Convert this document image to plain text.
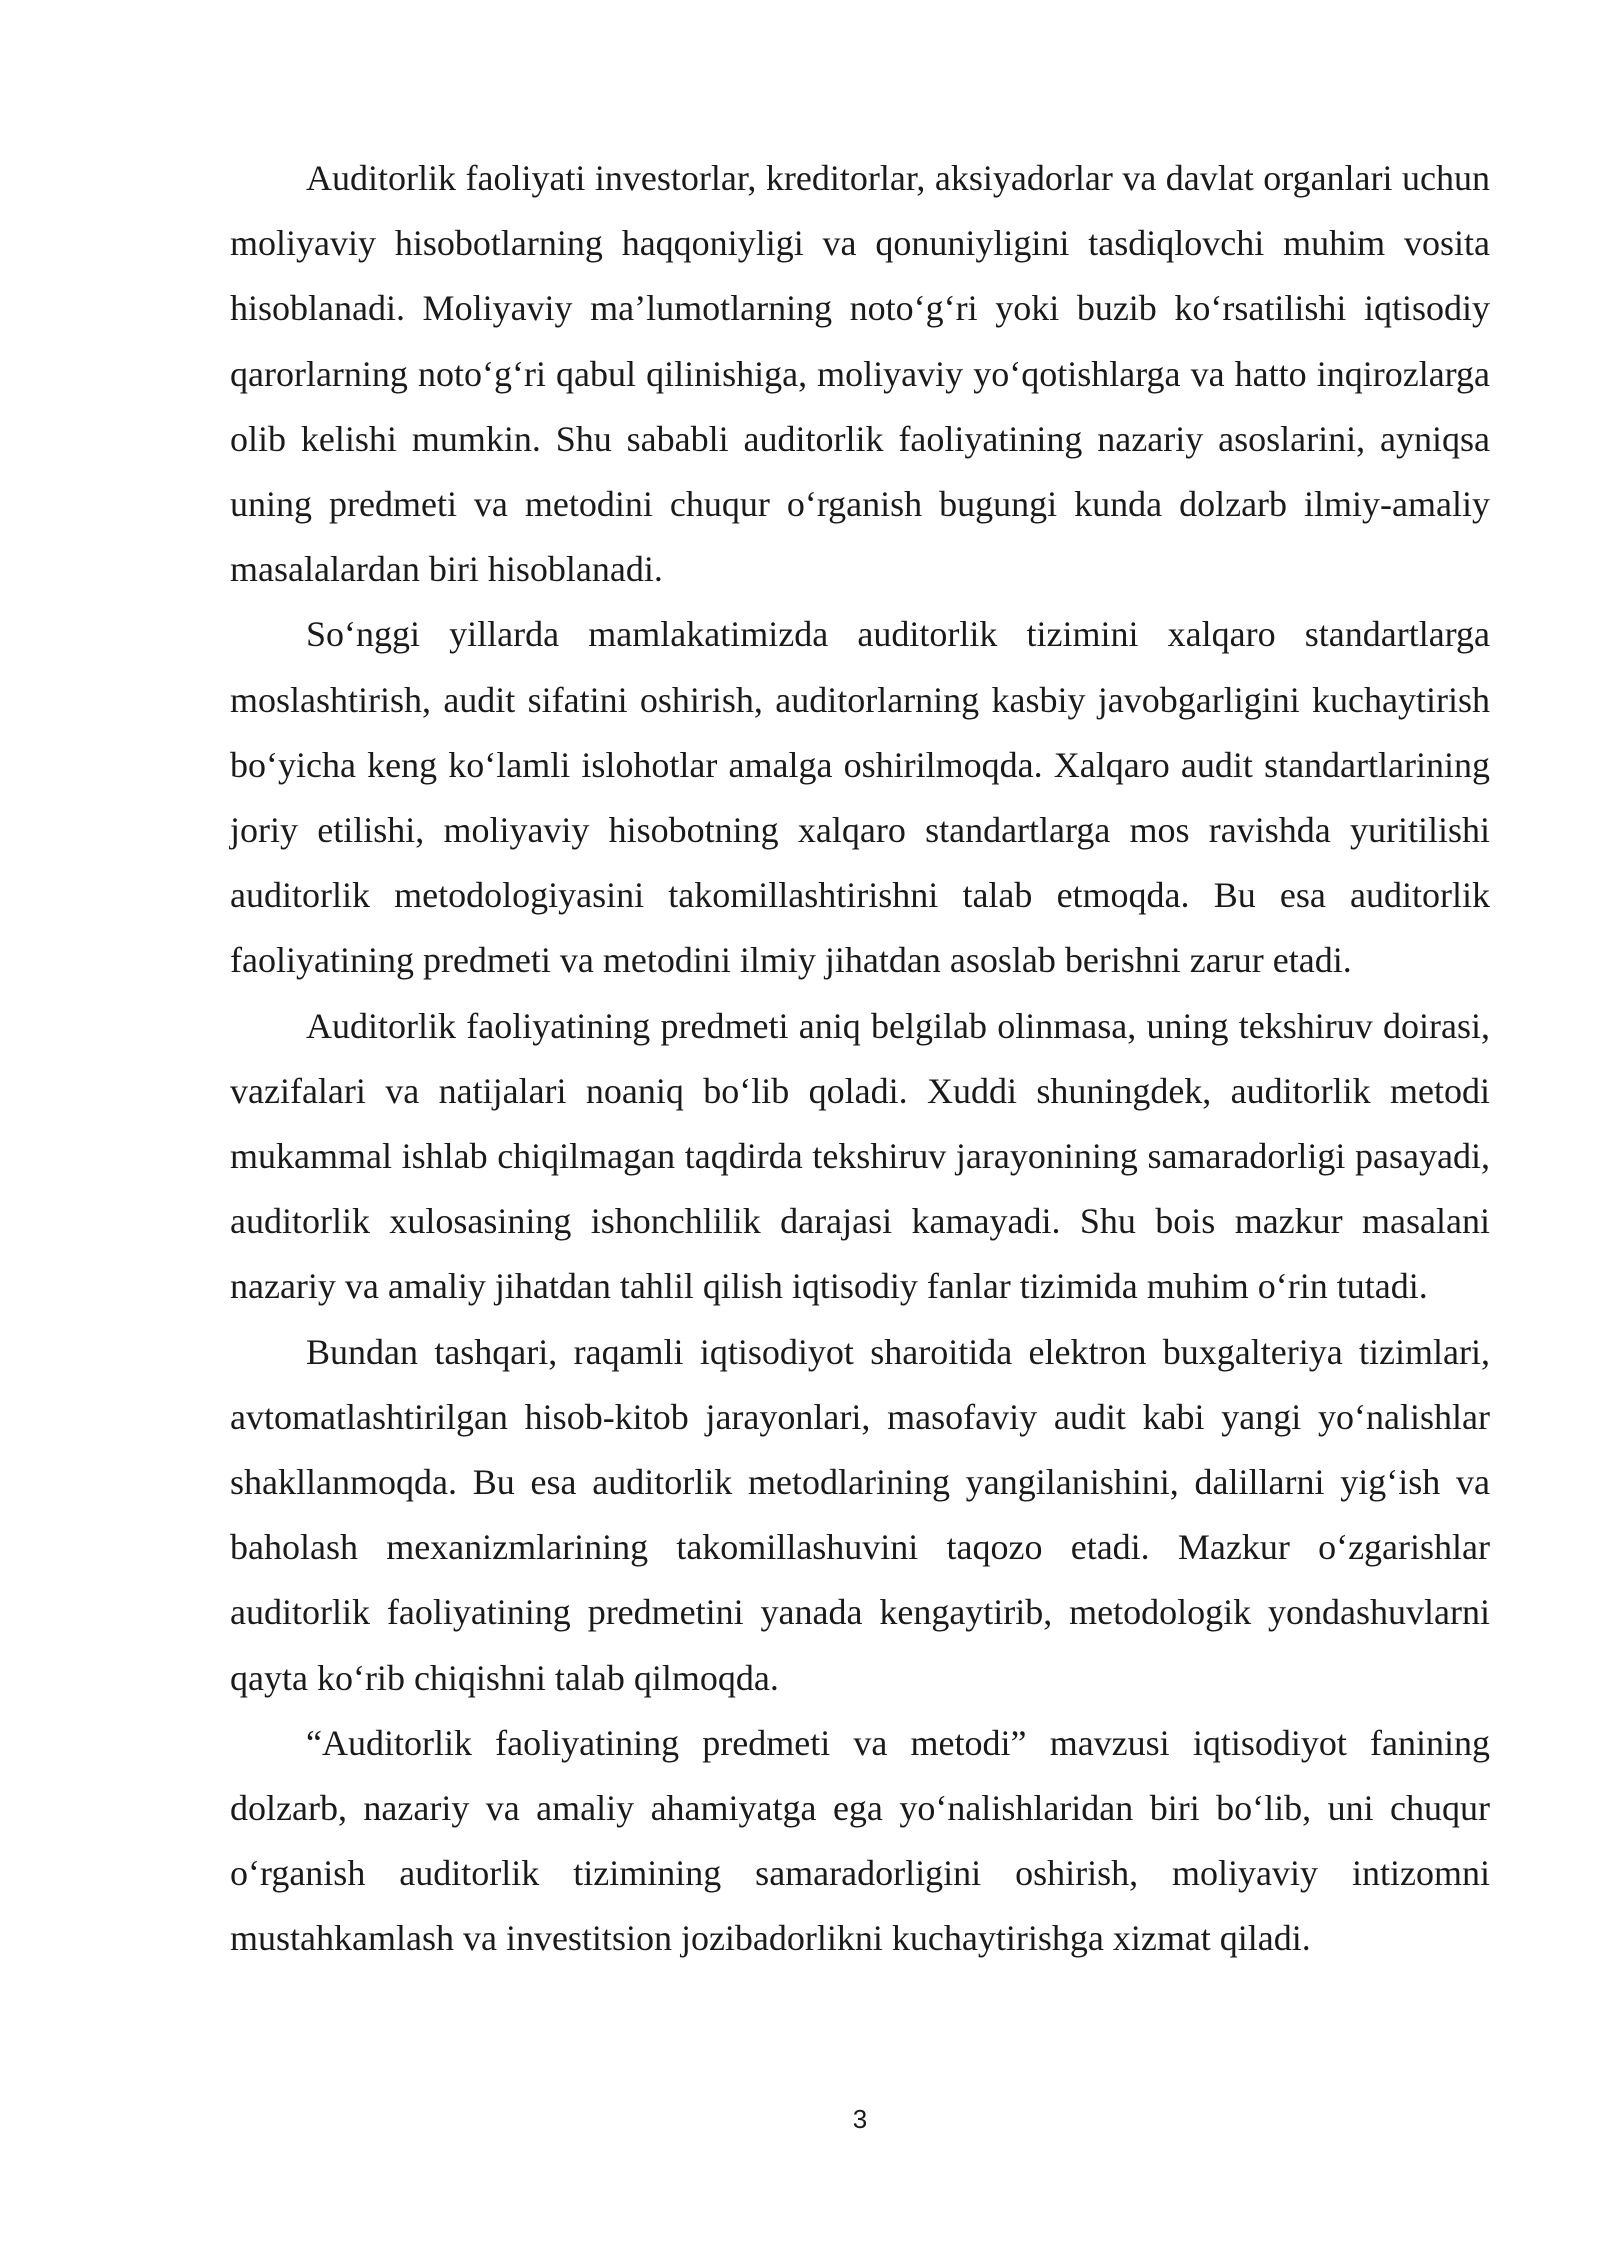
Auditorlik faoliyati investorlar, kreditorlar, aksiyadorlar va davlat organlari uchun moliyaviy hisobotlarning haqqoniyligi va qonuniyligini tasdiqlovchi muhim vosita hisoblanadi. Moliyaviy ma’lumotlarning noto‘g‘ri yoki buzib ko‘rsatilishi iqtisodiy qarorlarning noto‘g‘ri qabul qilinishiga, moliyaviy yo‘qotishlarga va hatto inqirozlarga olib kelishi mumkin. Shu sababli auditorlik faoliyatining nazariy asoslarini, ayniqsa uning predmeti va metodini chuqur o‘rganish bugungi kunda dolzarb ilmiy-amaliy masalalardan biri hisoblanadi.

So‘nggi yillarda mamlakatimizda auditorlik tizimini xalqaro standartlarga moslashtirish, audit sifatini oshirish, auditorlarning kasbiy javobgarligini kuchaytirish bo‘yicha keng ko‘lamli islohotlar amalga oshirilmoqda. Xalqaro audit standartlarining joriy etilishi, moliyaviy hisobotning xalqaro standartlarga mos ravishda yuritilishi auditorlik metodologiyasini takomillashtirishni talab etmoqda. Bu esa auditorlik faoliyatining predmeti va metodini ilmiy jihatdan asoslab berishni zarur etadi.

Auditorlik faoliyatining predmeti aniq belgilab olinmasa, uning tekshiruv doirasi, vazifalari va natijalari noaniq bo‘lib qoladi. Xuddi shuningdek, auditorlik metodi mukammal ishlab chiqilmagan taqdirda tekshiruv jarayonining samaradorligi pasayadi, auditorlik xulosasining ishonchlilik darajasi kamayadi. Shu bois mazkur masalani nazariy va amaliy jihatdan tahlil qilish iqtisodiy fanlar tizimida muhim o‘rin tutadi.

Bundan tashqari, raqamli iqtisodiyot sharoitida elektron buxgalteriya tizimlari, avtomatlashtirilgan hisob-kitob jarayonlari, masofaviy audit kabi yangi yo‘nalishlar shakllanmoqda. Bu esa auditorlik metodlarining yangilanishini, dalillarni yig‘ish va baholash mexanizmlarining takomillashuvini taqozo etadi. Mazkur o‘zgarishlar auditorlik faoliyatining predmetini yanada kengaytirib, metodologik yondashuvlarni qayta ko‘rib chiqishni talab qilmoqda.

“Auditorlik faoliyatining predmeti va metodi” mavzusi iqtisodiyot fanining dolzarb, nazariy va amaliy ahamiyatga ega yo‘nalishlaridan biri bo‘lib, uni chuqur o‘rganish auditorlik tizimining samaradorligini oshirish, moliyaviy intizomni mustahkamlash va investitsion jozibadorlikni kuchaytirishga xizmat qiladi.

3
